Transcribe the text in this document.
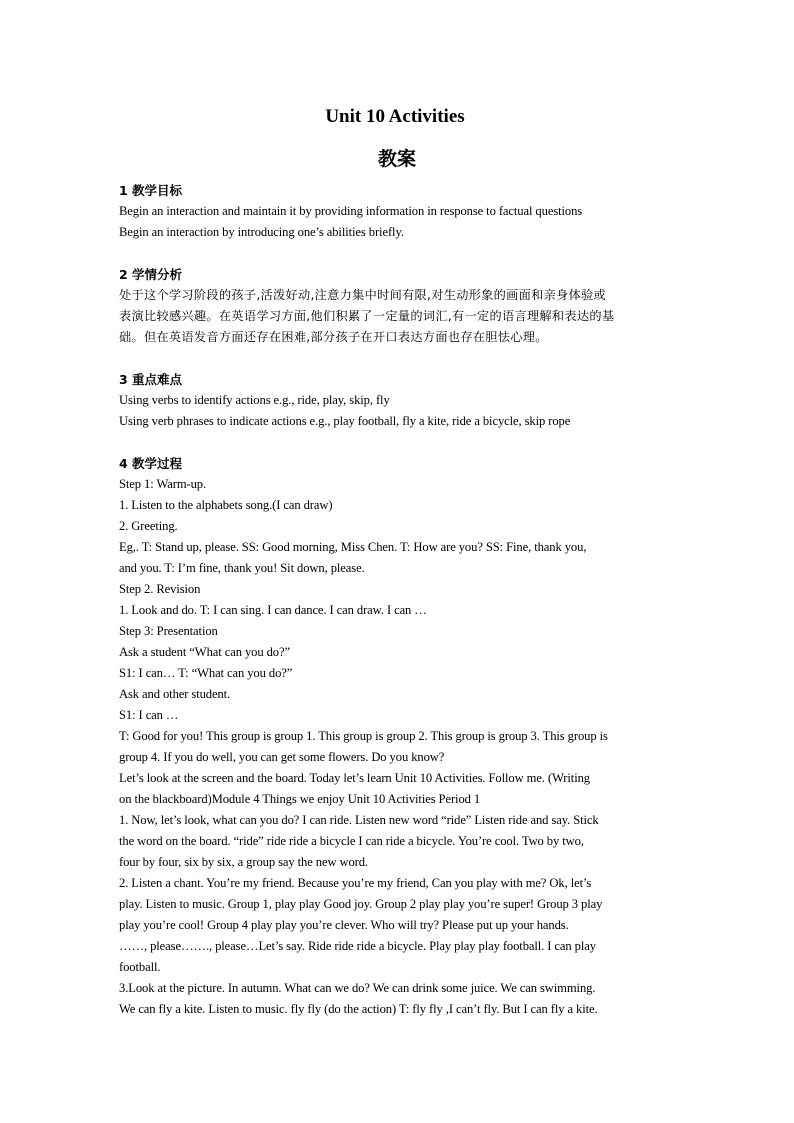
Unit 10 Activities
教案

1 教学目标

Begin an interaction and maintain it by providing information in response to factual questions

Begin an interaction by introducing one’s abilities briefly.

2 学情分析

处于这个学习阶段的孩子,活泼好动,注意力集中时间有限,对生动形象的画面和亲身体验或

表演比较感兴趣。在英语学习方面,他们积累了一定量的词汇,有一定的语言理解和表达的基

础。但在英语发音方面还存在困难,部分孩子在开口表达方面也存在胆怯心理。

3 重点难点

Using verbs to identify actions e.g., ride, play, skip, fly

Using verb phrases to indicate actions e.g., play football, fly a kite, ride a bicycle, skip rope

4 教学过程

Step 1: Warm-up.

1. Listen to the alphabets song.(I can draw)

2. Greeting.

Eg,. T: Stand up, please. SS: Good morning, Miss Chen. T: How are you? SS: Fine, thank you,

and you. T: I’m fine, thank you! Sit down, please.

Step 2. Revision

1. Look and do. T: I can sing. I can dance. I can draw. I can …

Step 3: Presentation

Ask a student “What can you do?”

S1: I can… T: “What can you do?”

Ask and other student.

S1: I can …

T: Good for you! This group is group 1. This group is group 2. This group is group 3. This group is

group 4. If you do well, you can get some flowers. Do you know?

Let’s look at the screen and the board. Today let’s learn Unit 10 Activities. Follow me. (Writing

on the blackboard)Module 4 Things we enjoy Unit 10 Activities Period 1

1. Now, let’s look, what can you do? I can ride. Listen new word “ride” Listen ride and say. Stick

the word on the board. “ride” ride ride a bicycle I can ride a bicycle. You’re cool. Two by two,

four by four, six by six, a group say the new word.

2. Listen a chant. You’re my friend. Because you’re my friend, Can you play with me? Ok, let’s

play. Listen to music. Group 1, play play Good joy. Group 2 play play you’re super! Group 3 play

play you’re cool! Group 4 play play you’re clever. Who will try? Please put up your hands.

……, please……., please…Let’s say. Ride ride ride a bicycle. Play play play football. I can play

football.

3.Look at the picture. In autumn. What can we do? We can drink some juice. We can swimming.

We can fly a kite. Listen to music. fly fly (do the action) T: fly fly ,I can’t fly. But I can fly a kite.
